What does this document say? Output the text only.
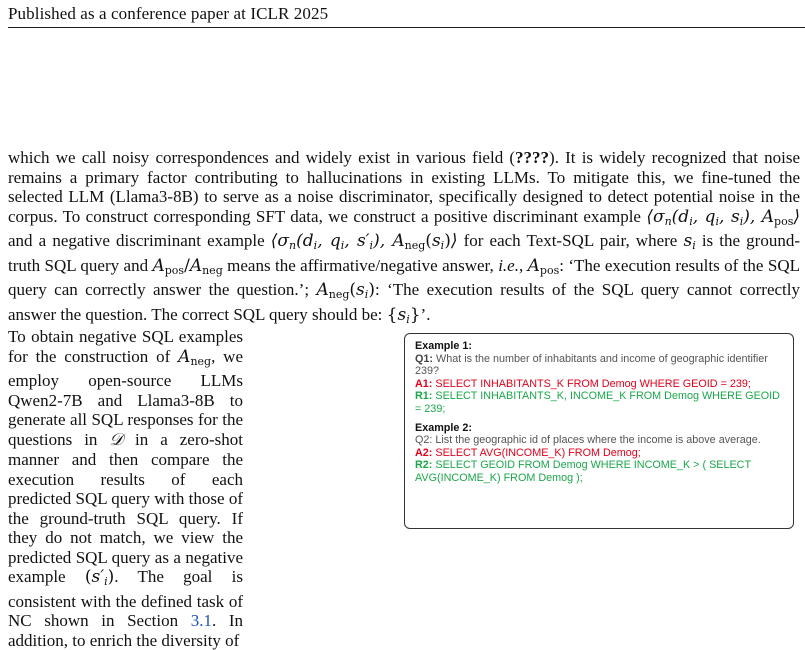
Published as a conference paper at ICLR 2025

which we call noisy correspondences and widely exist in various field (????). It is widely recognized that noise remains a primary factor contributing to hallucinations in existing LLMs. To mitigate this, we fine-tuned the selected LLM (Llama3-8B) to serve as a noise discriminator, specifically designed to detect potential noise in the corpus. To construct corresponding SFT data, we construct a positive discriminant example ⟨σn(di, qi, si), $A_{pos}⟩$ and a negative discriminant example ⟨σn(di, qi, s′i), $A_{neg}(si)⟩$ for each Text-SQL pair, where si is the ground-truth SQL query and $A_{pos}/A_{neg}$ means the affirmative/negative answer, i.e., $A_{pos}$: ‘The execution results of the SQL query can correctly answer the question.’; $A_{neg}(si)$: ‘The execution results of the SQL query cannot correctly answer the question. The correct SQL query should be: {si}’.

To obtain negative SQL examples for the construction of $A_{neg}$, we employ open-source LLMs Qwen2-7B and Llama3-8B to generate all SQL responses for the questions in 𝒟 in a zero-shot manner and then compare the execution results of each predicted SQL query with those of the ground-truth SQL query. If they do not match, we view the predicted SQL query as a negative example (s′i). The goal is consistent with the defined task of NC shown in Section 3.1. In addition, to enrich the diversity of

Example 1:
Q1: What is the number of inhabitants and income of geographic identifier 239?
A1: SELECT INHABITANTS_K FROM Demog WHERE GEOID = 239;
R1: SELECT INHABITANTS_K, INCOME_K FROM Demog WHERE GEOID = 239;
Example 2:
Q2: List the geographic id of places where the income is above average.
A2: SELECT AVG(INCOME_K) FROM Demog;
R2: SELECT GEOID FROM Demog WHERE INCOME_K > ( SELECT AVG(INCOME_K) FROM Demog );
